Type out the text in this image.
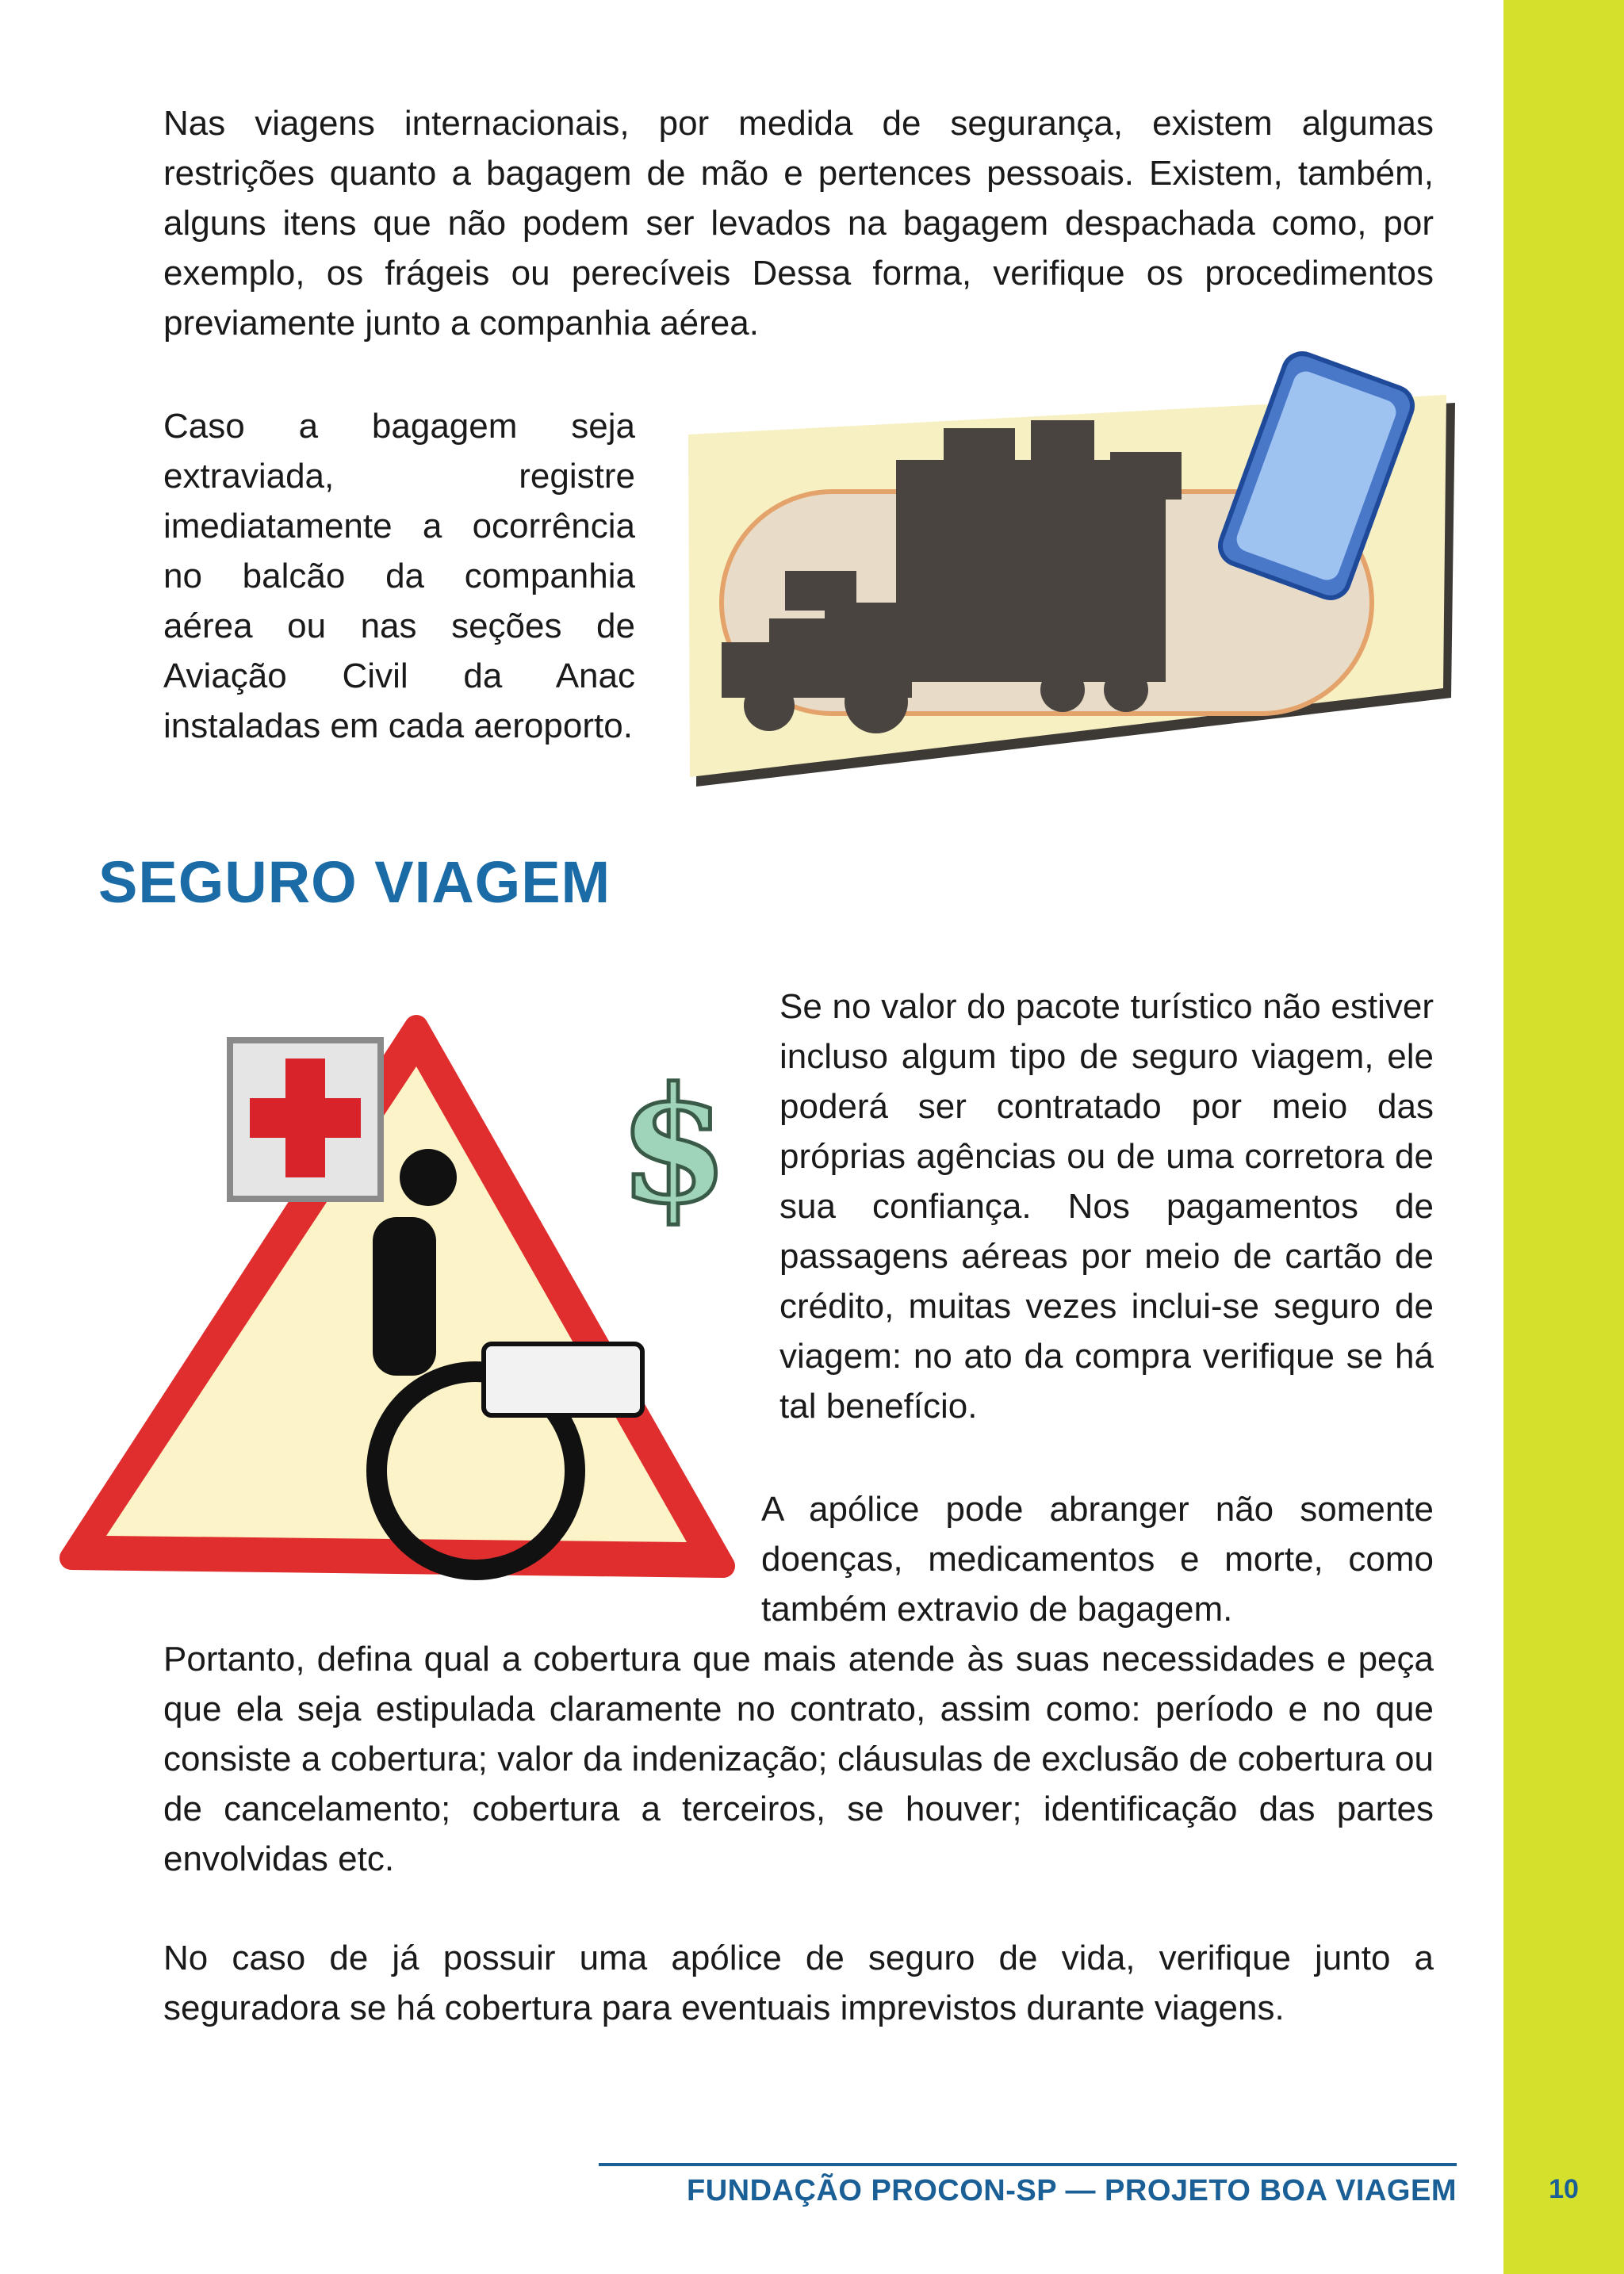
10

Nas viagens internacionais, por medida de segurança, existem algumas restrições quanto a bagagem de mão e pertences pessoais. Existem, também, alguns itens que não podem ser levados na bagagem despachada como, por exemplo, os frágeis ou perecíveis Dessa forma, verifique os procedimentos previamente junto a companhia aérea.

Caso a bagagem seja extraviada, registre imediatamente a ocorrência no balcão da companhia aérea ou nas seções de Aviação Civil da Anac instaladas em cada aeroporto.

SEGURO VIAGEM
$

Se no valor do pacote turístico não estiver incluso algum tipo de seguro viagem, ele poderá ser contratado por meio das próprias agências ou de uma corretora de sua confiança. Nos pagamentos de passagens aéreas por meio de cartão de crédito, muitas vezes inclui-se seguro de viagem: no ato da compra verifique se há tal benefício.

A apólice pode abranger não somente doenças, medicamentos e morte, como também extravio de bagagem.

Portanto, defina qual a cobertura que mais atende às suas necessidades e peça que ela seja estipulada claramente no contrato, assim como: período e no que consiste a cobertura; valor da indenização; cláusulas de exclusão de cobertura ou de cancelamento; cobertura a terceiros, se houver; identificação das partes envolvidas etc.

No caso de já possuir uma apólice de seguro de vida, verifique junto a seguradora se há cobertura para eventuais imprevistos durante viagens.

FUNDAÇÃO PROCON-SP — PROJETO BOA VIAGEM
